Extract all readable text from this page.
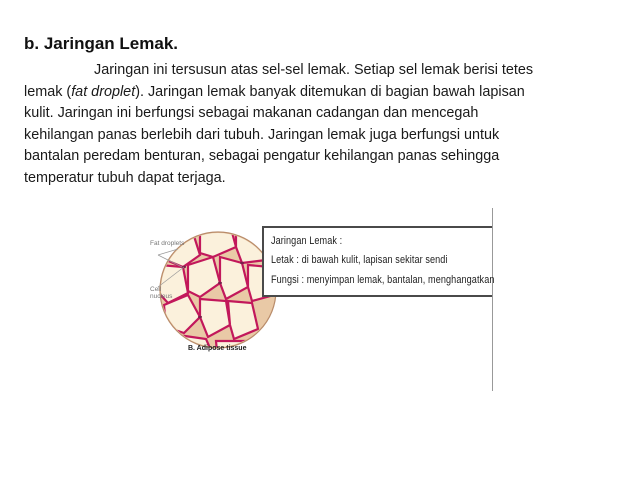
b. Jaringan Lemak.
Jaringan ini tersusun atas sel-sel lemak. Setiap sel lemak berisi tetes lemak (fat droplet). Jaringan lemak banyak ditemukan di bagian bawah lapisan kulit. Jaringan ini berfungsi sebagai makanan cadangan dan mencegah kehilangan panas berlebih dari tubuh. Jaringan lemak juga berfungsi untuk bantalan peredam benturan, sebagai pengatur kehilangan panas sehingga temperatur tubuh dapat terjaga.
Fat droplets
Cell nucleus
B. Adipose tissue
Jaringan Lemak :
Letak : di bawah kulit, lapisan sekitar sendi
Fungsi : menyimpan lemak, bantalan, menghangatkan
